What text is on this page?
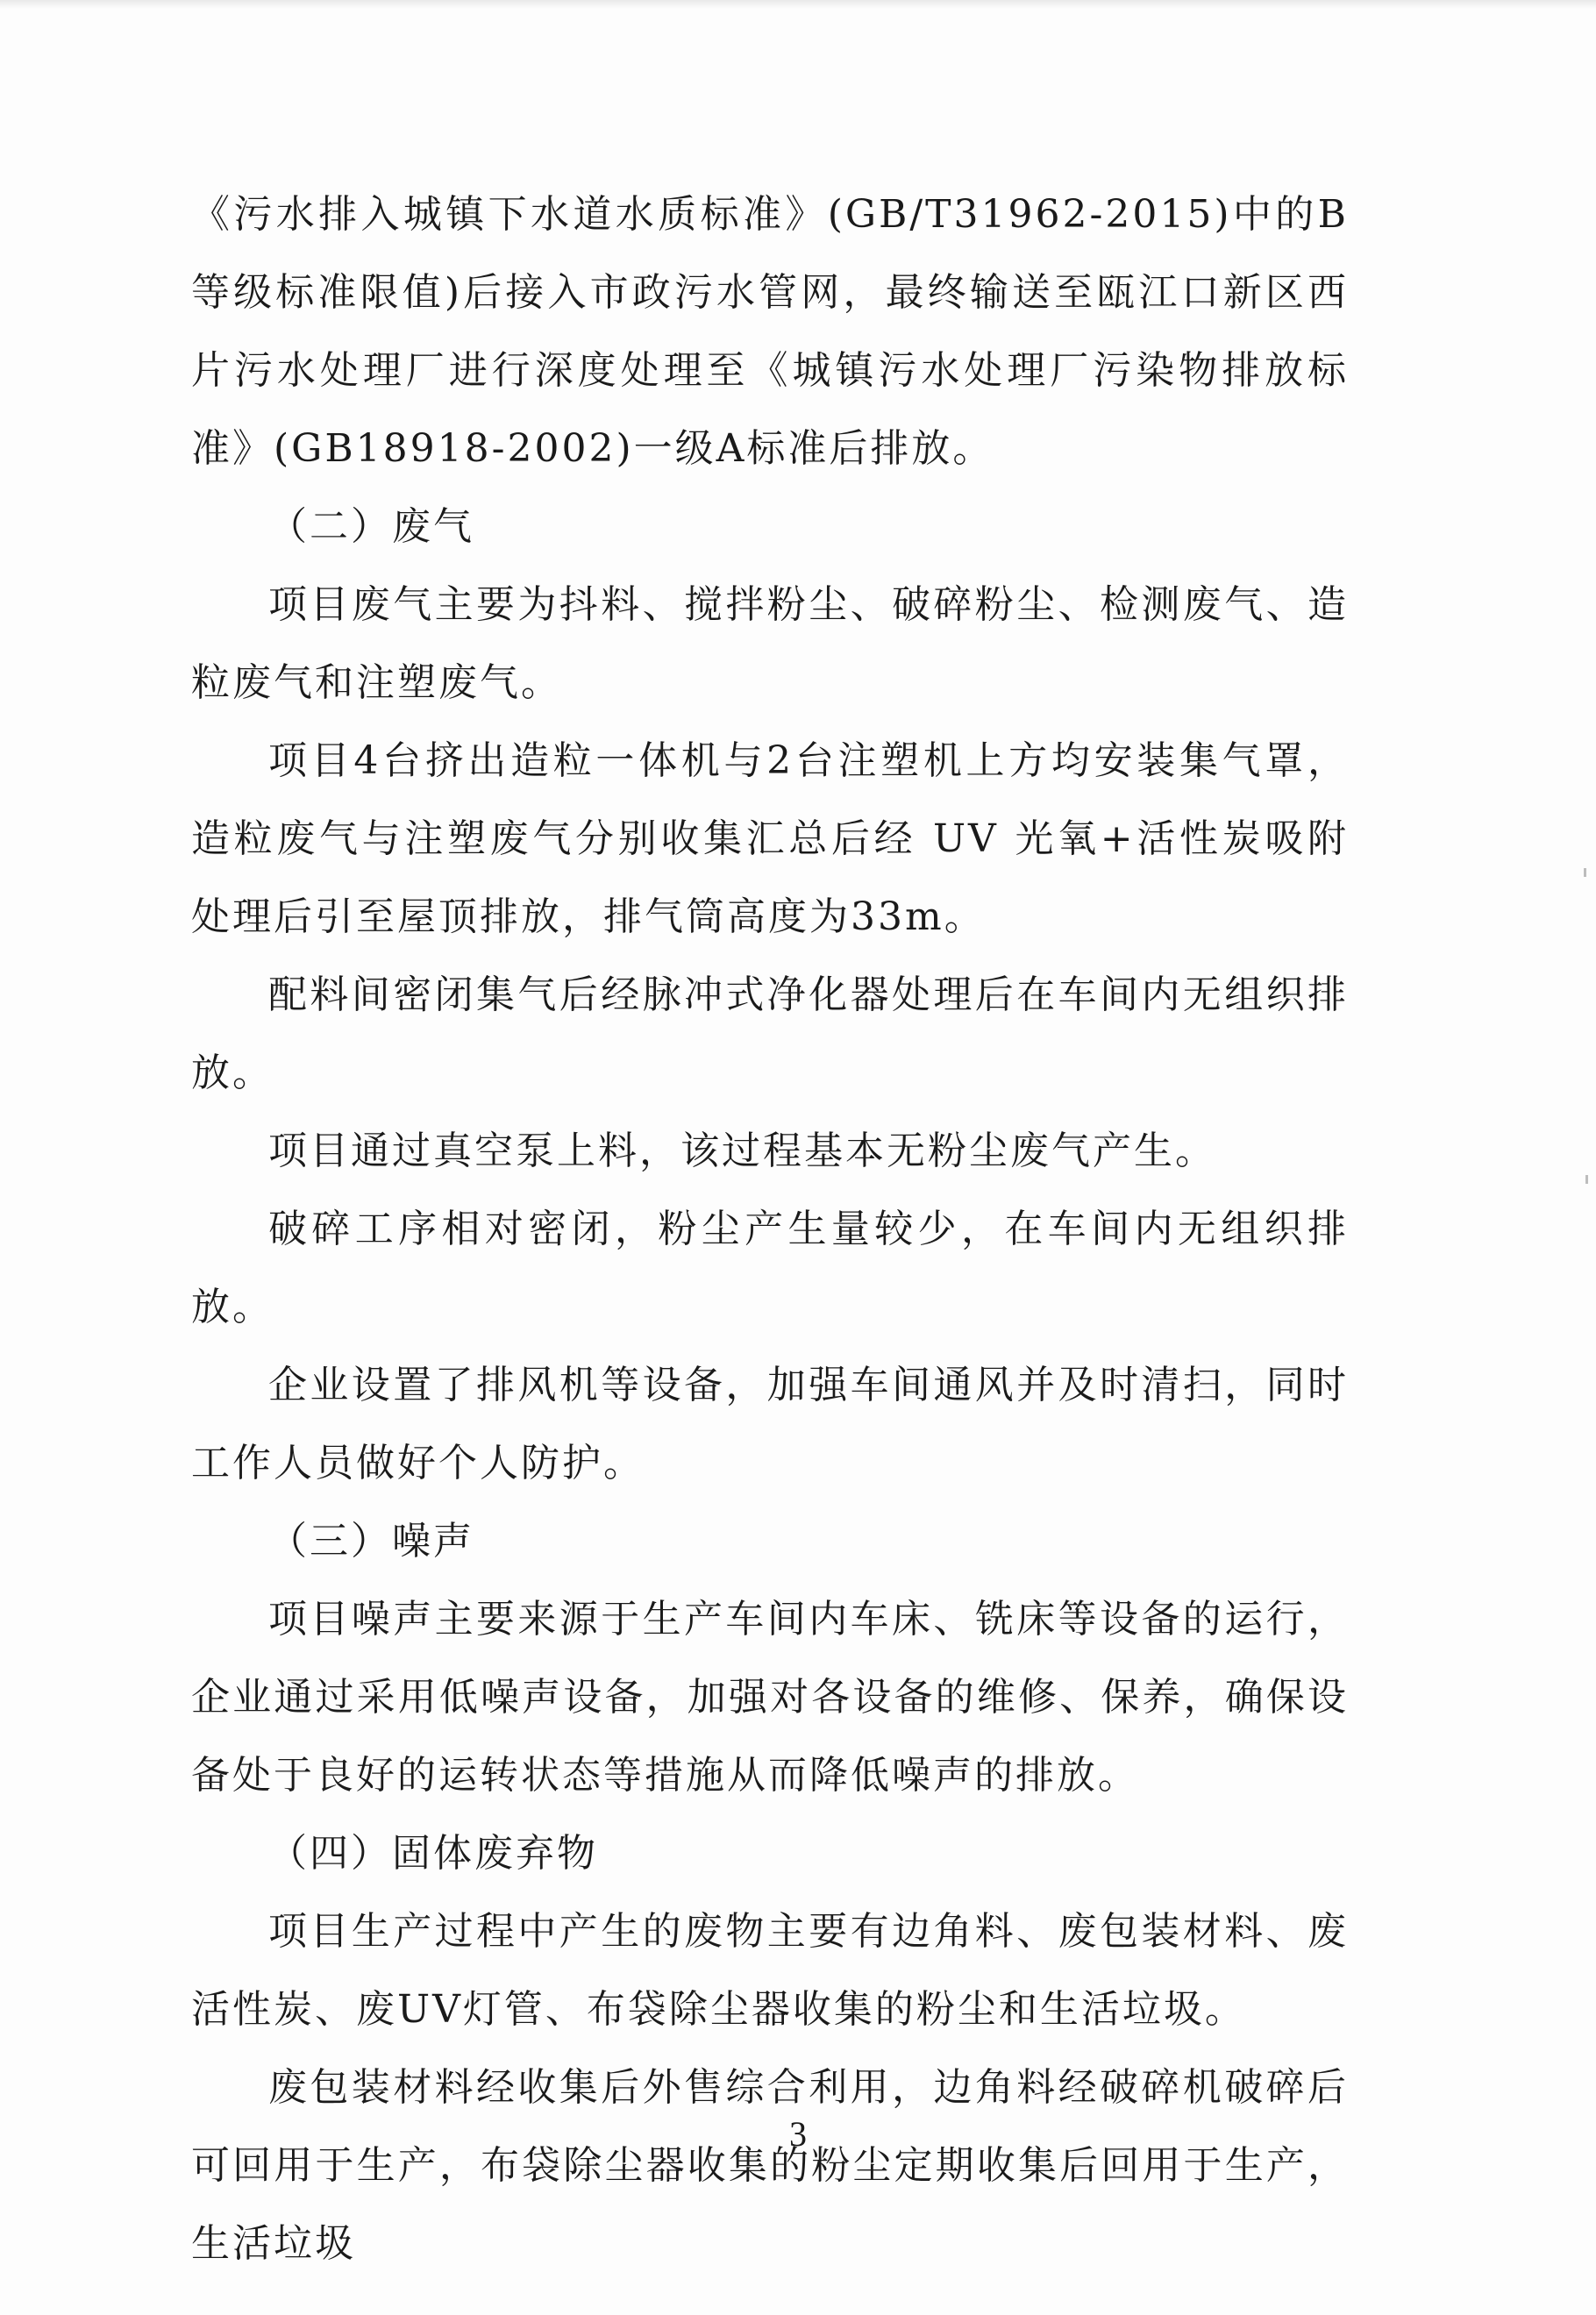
《污水排入城镇下水道水质标准》(GB/T31962-2015)中的B等级标准限值)后接入市政污水管网，最终输送至瓯江口新区西片污水处理厂进行深度处理至《城镇污水处理厂污染物排放标准》(GB18918-2002)一级A标准后排放。

（二）废气

项目废气主要为抖料、搅拌粉尘、破碎粉尘、检测废气、造粒废气和注塑废气。

项目4台挤出造粒一体机与2台注塑机上方均安装集气罩，造粒废气与注塑废气分别收集汇总后经 UV 光氧+活性炭吸附处理后引至屋顶排放，排气筒高度为33m。

配料间密闭集气后经脉冲式净化器处理后在车间内无组织排放。

项目通过真空泵上料，该过程基本无粉尘废气产生。

破碎工序相对密闭，粉尘产生量较少，在车间内无组织排放。

企业设置了排风机等设备，加强车间通风并及时清扫，同时工作人员做好个人防护。

（三）噪声

项目噪声主要来源于生产车间内车床、铣床等设备的运行，企业通过采用低噪声设备，加强对各设备的维修、保养，确保设备处于良好的运转状态等措施从而降低噪声的排放。

（四）固体废弃物

项目生产过程中产生的废物主要有边角料、废包装材料、废活性炭、废UV灯管、布袋除尘器收集的粉尘和生活垃圾。

废包装材料经收集后外售综合利用，边角料经破碎机破碎后可回用于生产，布袋除尘器收集的粉尘定期收集后回用于生产，生活垃圾

3
